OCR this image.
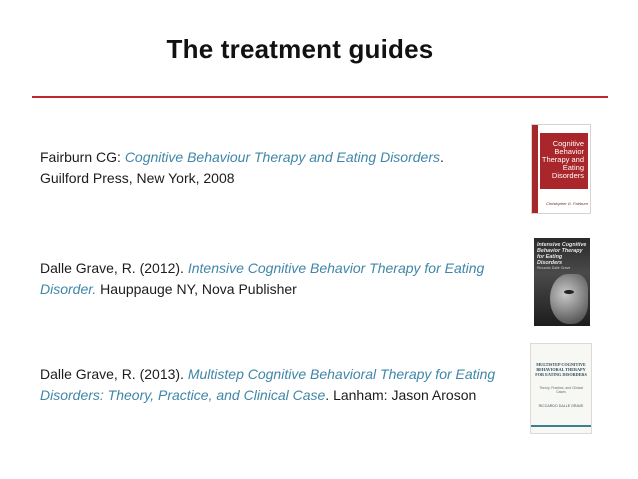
The treatment guides
Fairburn CG: Cognitive Behaviour Therapy and Eating Disorders.
Guilford Press, New York, 2008
Dalle Grave, R. (2012). Intensive Cognitive Behavior Therapy for Eating Disorder. Hauppauge NY, Nova Publisher
Dalle Grave, R. (2013). Multistep Cognitive Behavioral Therapy for Eating Disorders: Theory, Practice, and Clinical Case. Lanham: Jason Aroson
Cognitive
Behavior
Therapy and
Eating
Disorders
Christopher G. Fairburn
Intensive Cognitive Behavior Therapy for Eating Disorders
Riccardo Dalle Grave
MULTISTEP COGNITIVE BEHAVIORAL THERAPY FOR EATING DISORDERS
Theory, Practice, and Clinical Cases
RICCARDO DALLE GRAVE
